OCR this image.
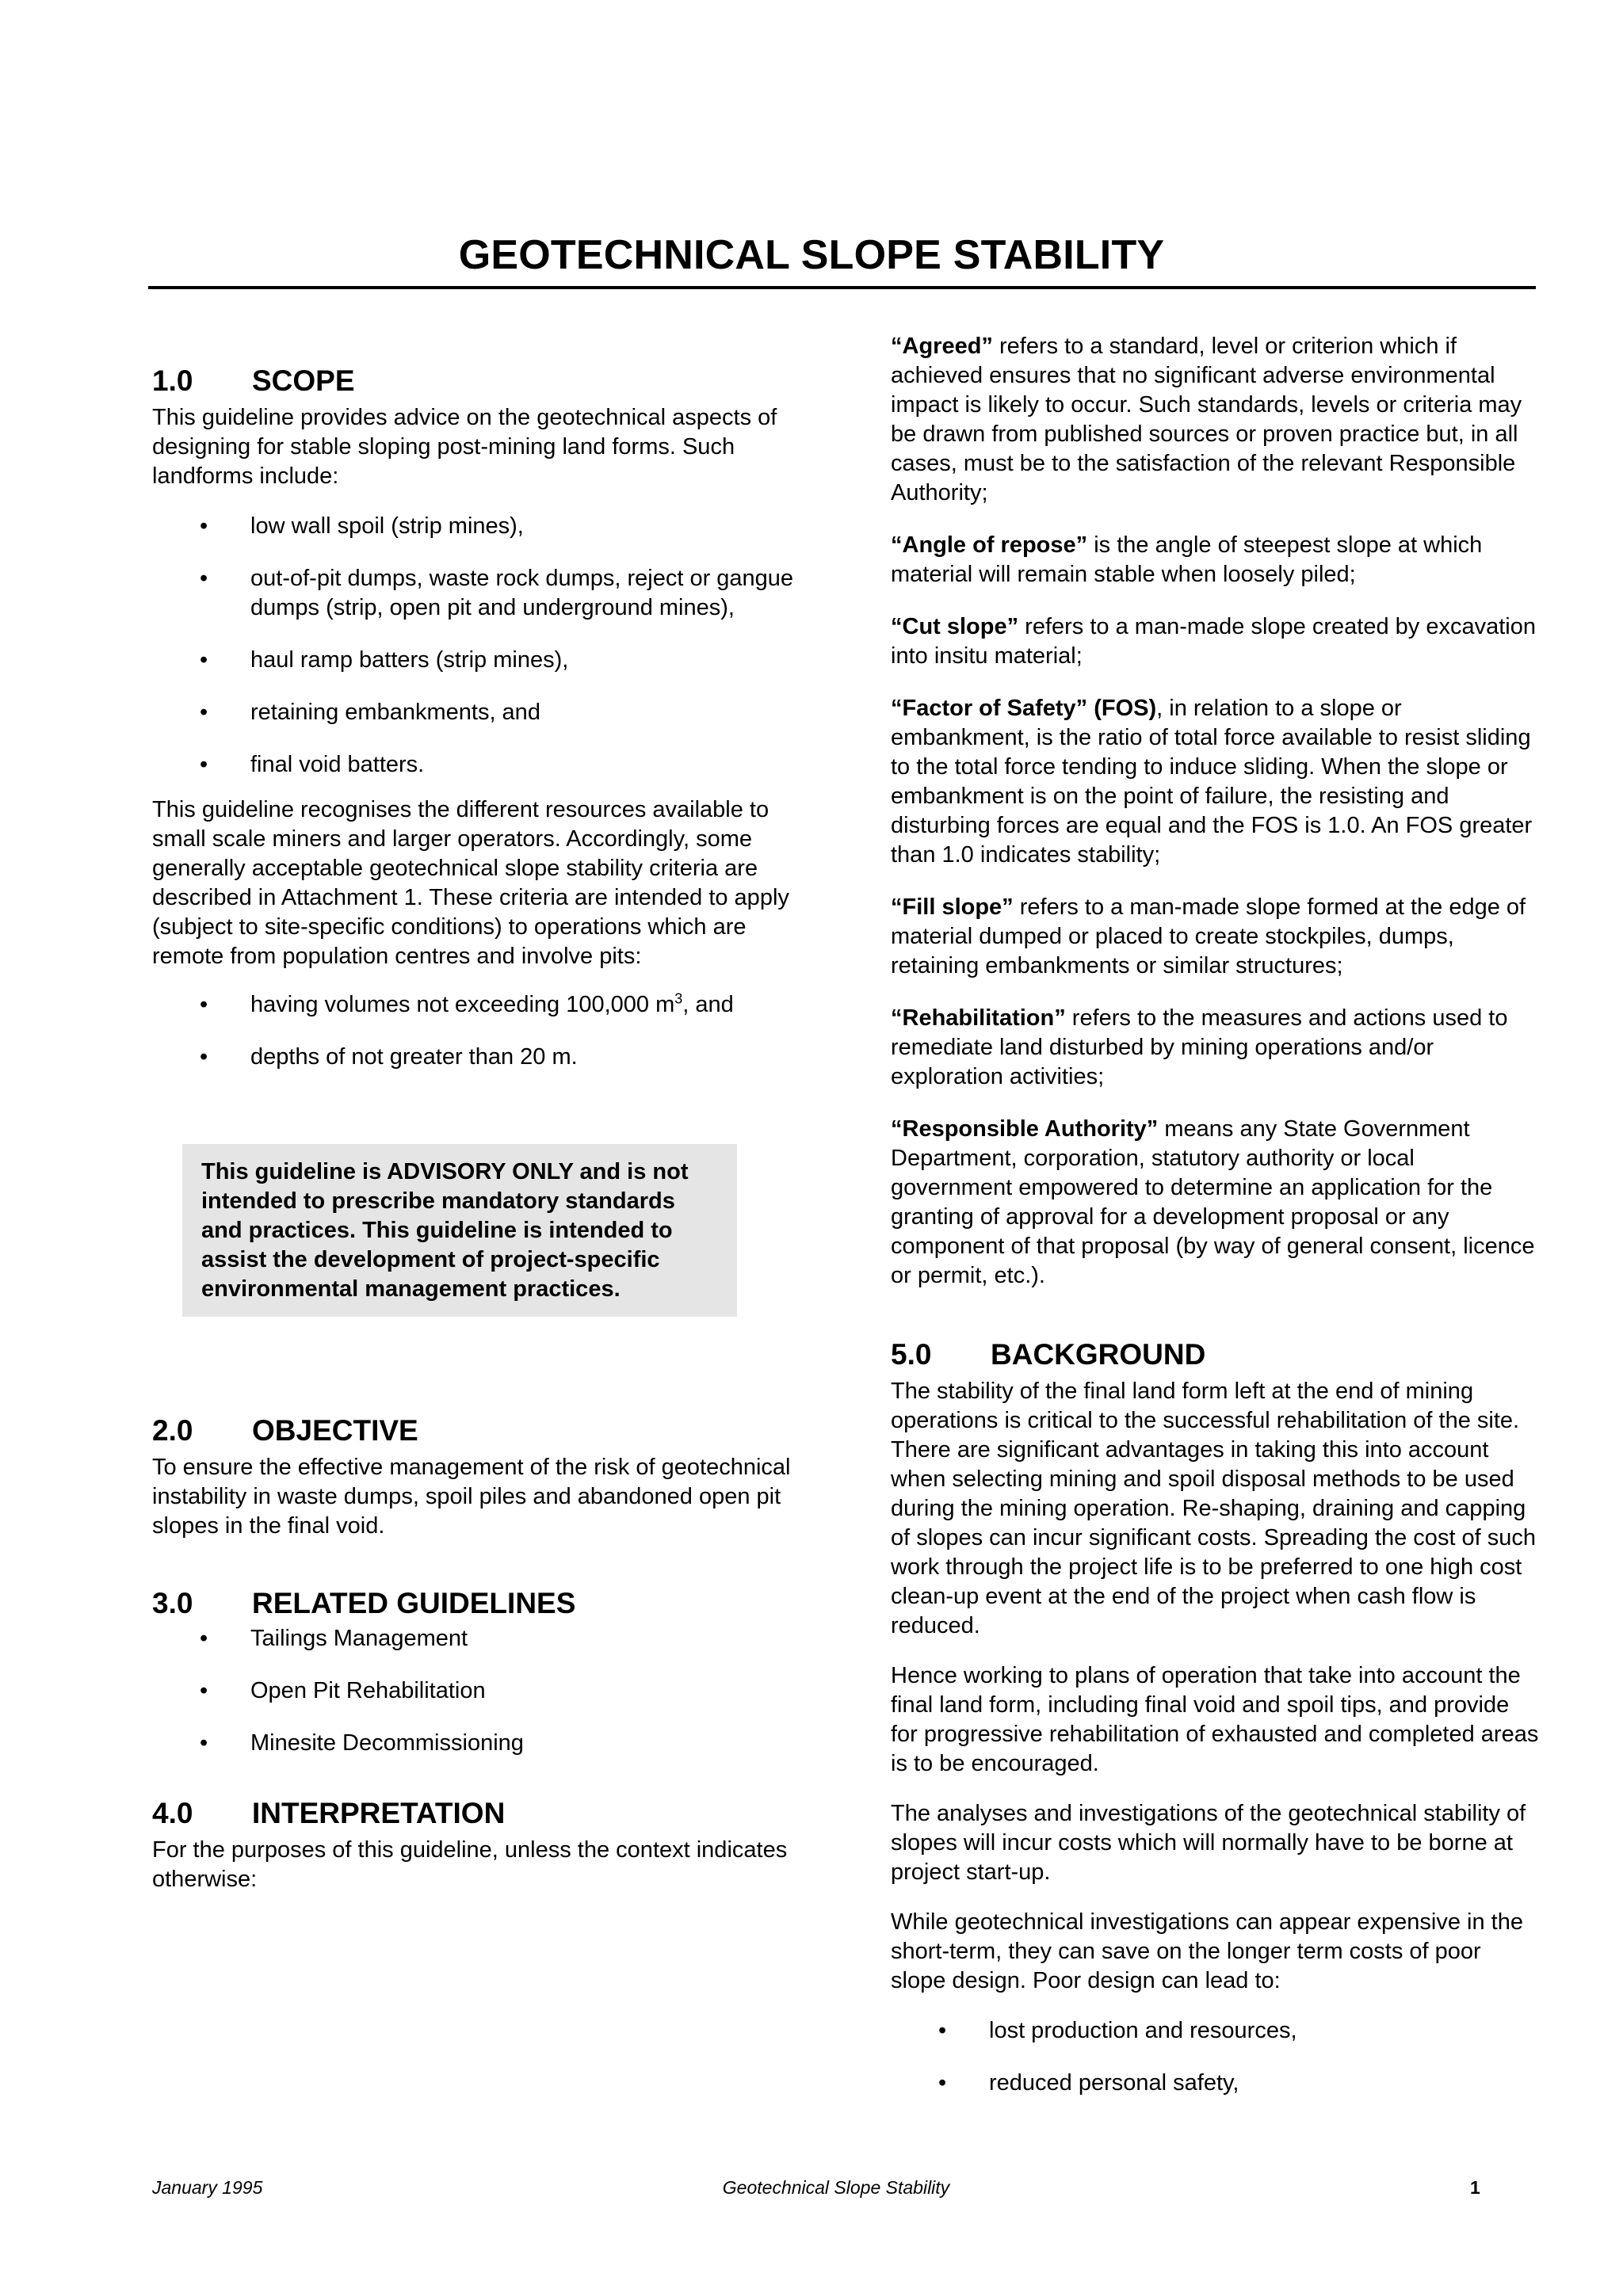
GEOTECHNICAL SLOPE STABILITY
1.0	SCOPE

This guideline provides advice on the geotechnical aspects of designing for stable sloping post-mining land forms. Such landforms include:

• low wall spoil (strip mines),
• out-of-pit dumps, waste rock dumps, reject or gangue dumps (strip, open pit and underground mines),
• haul ramp batters (strip mines),
• retaining embankments, and
• final void batters.

This guideline recognises the different resources available to small scale miners and larger operators. Accordingly, some generally acceptable geotechnical slope stability criteria are described in Attachment 1. These criteria are intended to apply (subject to site-specific conditions) to operations which are remote from population centres and involve pits:

• having volumes not exceeding 100,000 $m^3$, and
• depths of not greater than 20 m.
This guideline is ADVISORY ONLY and is not intended to prescribe mandatory standards and practices. This guideline is intended to assist the development of project-specific environmental management practices.
2.0	OBJECTIVE

To ensure the effective management of the risk of geotechnical instability in waste dumps, spoil piles and abandoned open pit slopes in the final void.

3.0	RELATED GUIDELINES
• Tailings Management
• Open Pit Rehabilitation
• Minesite Decommissioning
4.0	INTERPRETATION

For the purposes of this guideline, unless the context indicates otherwise:

“Agreed” refers to a standard, level or criterion which if achieved ensures that no significant adverse environmental impact is likely to occur. Such standards, levels or criteria may be drawn from published sources or proven practice but, in all cases, must be to the satisfaction of the relevant Responsible Authority;

“Angle of repose” is the angle of steepest slope at which material will remain stable when loosely piled;

“Cut slope” refers to a man-made slope created by excavation into insitu material;

“Factor of Safety” (FOS), in relation to a slope or embankment, is the ratio of total force available to resist sliding to the total force tending to induce sliding. When the slope or embankment is on the point of failure, the resisting and disturbing forces are equal and the FOS is 1.0. An FOS greater than 1.0 indicates stability;

“Fill slope” refers to a man-made slope formed at the edge of material dumped or placed to create stockpiles, dumps, retaining embankments or similar structures;

“Rehabilitation” refers to the measures and actions used to remediate land disturbed by mining operations and/or exploration activities;

“Responsible Authority” means any State Government Department, corporation, statutory authority or local government empowered to determine an application for the granting of approval for a development proposal or any component of that proposal (by way of general consent, licence or permit, etc.).

5.0	BACKGROUND

The stability of the final land form left at the end of mining operations is critical to the successful rehabilitation of the site. There are significant advantages in taking this into account when selecting mining and spoil disposal methods to be used during the mining operation. Re-shaping, draining and capping of slopes can incur significant costs. Spreading the cost of such work through the project life is to be preferred to one high cost clean-up event at the end of the project when cash flow is reduced.

Hence working to plans of operation that take into account the final land form, including final void and spoil tips, and provide for progressive rehabilitation of exhausted and completed areas is to be encouraged.

The analyses and investigations of the geotechnical stability of slopes will incur costs which will normally have to be borne at project start-up.

While geotechnical investigations can appear expensive in the short-term, they can save on the longer term costs of poor slope design. Poor design can lead to:

• lost production and resources,
• reduced personal safety,
January 1995	Geotechnical Slope Stability	1
